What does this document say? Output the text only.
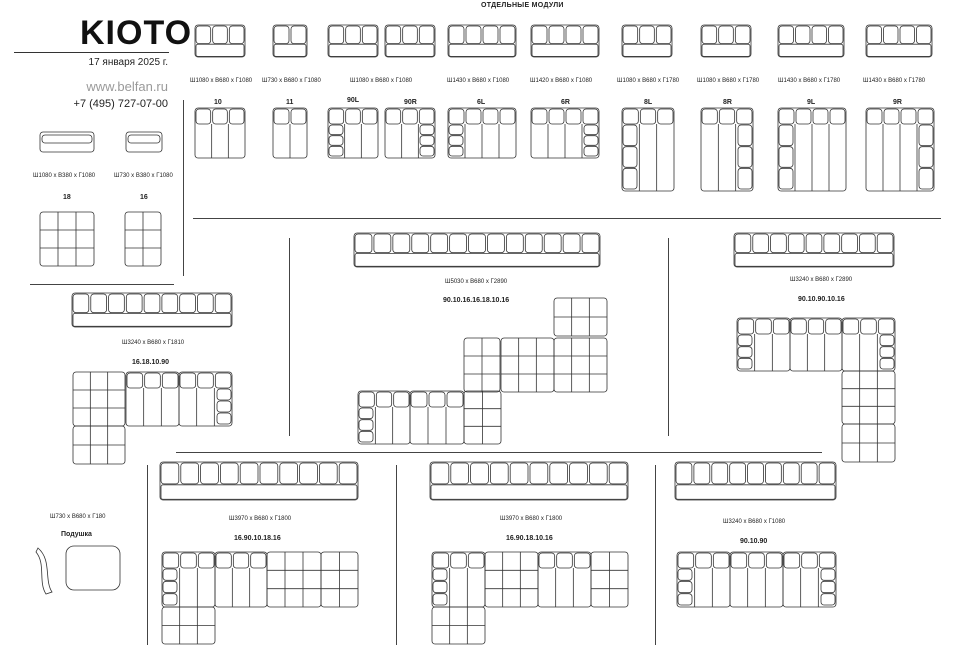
KIOTO
17 января 2025 г.
www.belfan.ru
+7 (495) 727-07-00
ОТДЕЛЬНЫЕ МОДУЛИ
Ш1080 x В680 x Г1080 Ш730 x В680 x Г1080	Ш1080 x В680 x Г1080	Ш1430 x В680 x Г1080	Ш1420 x В680 x Г1080	Ш1080 x В680 x Г1780	Ш1080 x В680 x Г1780	Ш1430 x В680 x Г1780	Ш1430 x В680 x Г1780
10	11	90L	90R	6L	6R	8L	8R	9L	9R
Ш1080 x В380 x Г1080	Ш730 x В380 x Г1080
18	16
Ш5030 x В680 x Г2890
90.10.16.16.18.10.16
Ш3240 x В680 x Г2890
90.10.90.10.16
Ш3240 x В680 x Г1810
16.18.10.90
Ш3970 x В680 x Г1800
16.90.10.18.16
Ш3970 x В680 x Г1800
16.90.18.10.16
Ш3240 x В680 x Г1080
90.10.90
Ш730 x В680 x Г180
Подушка
